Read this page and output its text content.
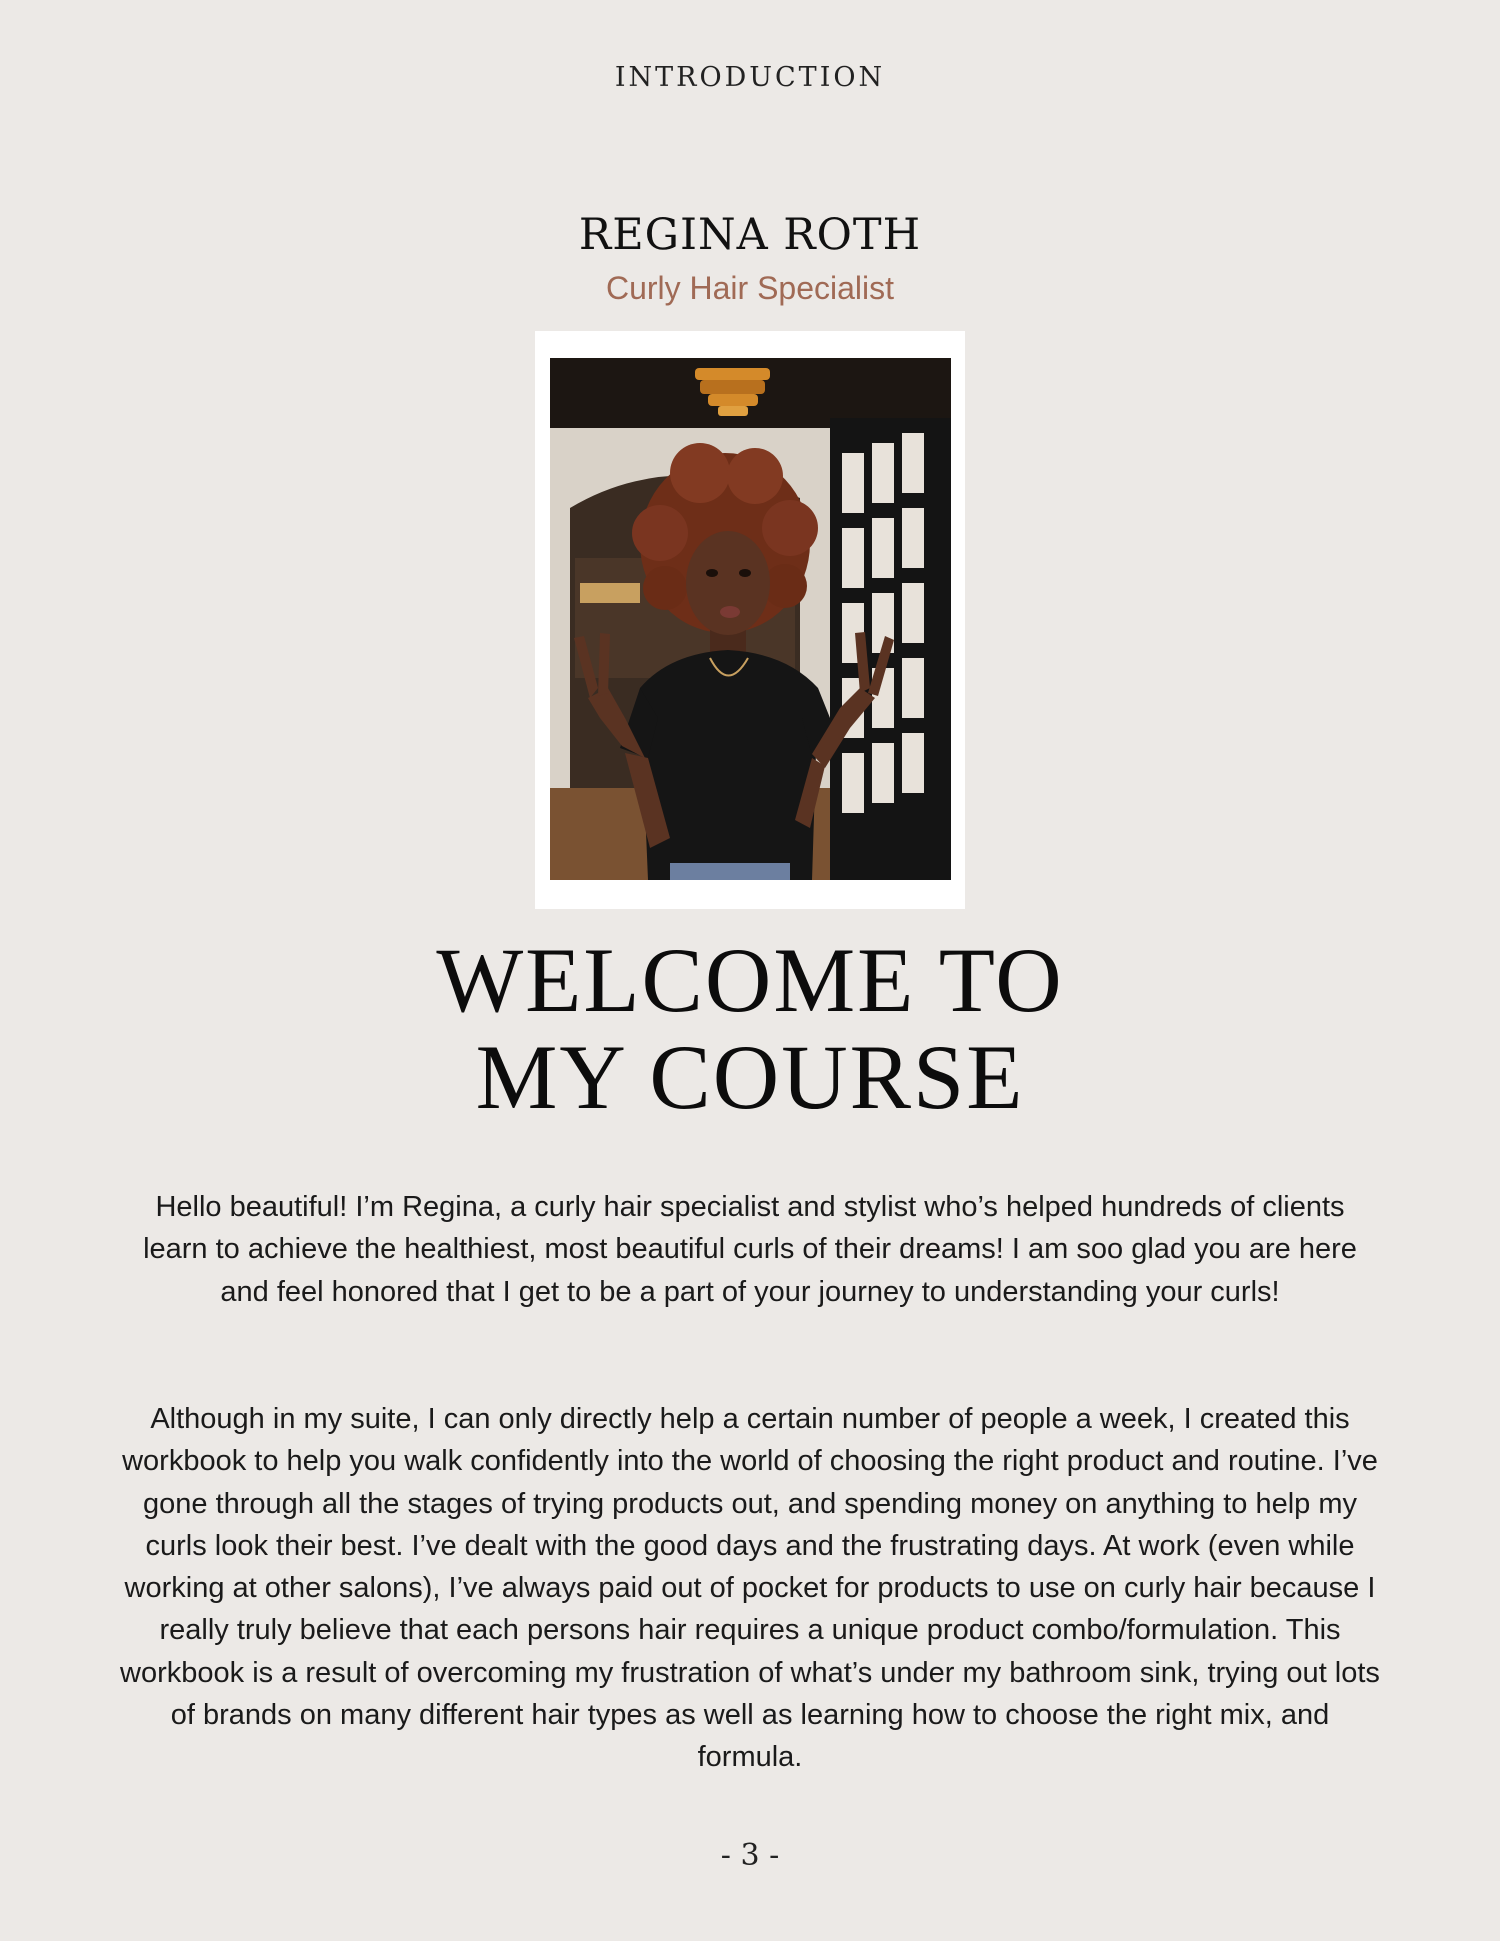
INTRODUCTION
REGINA ROTH
Curly Hair Specialist
WELCOME TO
MY COURSE

Hello beautiful! I’m Regina, a curly hair specialist and stylist who’s helped hundreds of clients learn to achieve the healthiest, most beautiful curls of their dreams! I am soo glad you are here and feel honored that I get to be a part of your journey to understanding your curls!

Although in my suite, I can only directly help a certain number of people a week, I created this workbook to help you walk confidently into the world of choosing the right product and routine. I’ve gone through all the stages of trying products out, and spending money on anything to help my curls look their best. I’ve dealt with the good days and the frustrating days. At work (even while working at other salons), I’ve always paid out of pocket for products to use on curly hair because I really truly believe that each persons hair requires a unique product combo/formulation. This workbook is a result of overcoming my frustration of what’s under my bathroom sink, trying out lots of brands on many different hair types as well as learning how to choose the right mix, and formula.

- 3 -
